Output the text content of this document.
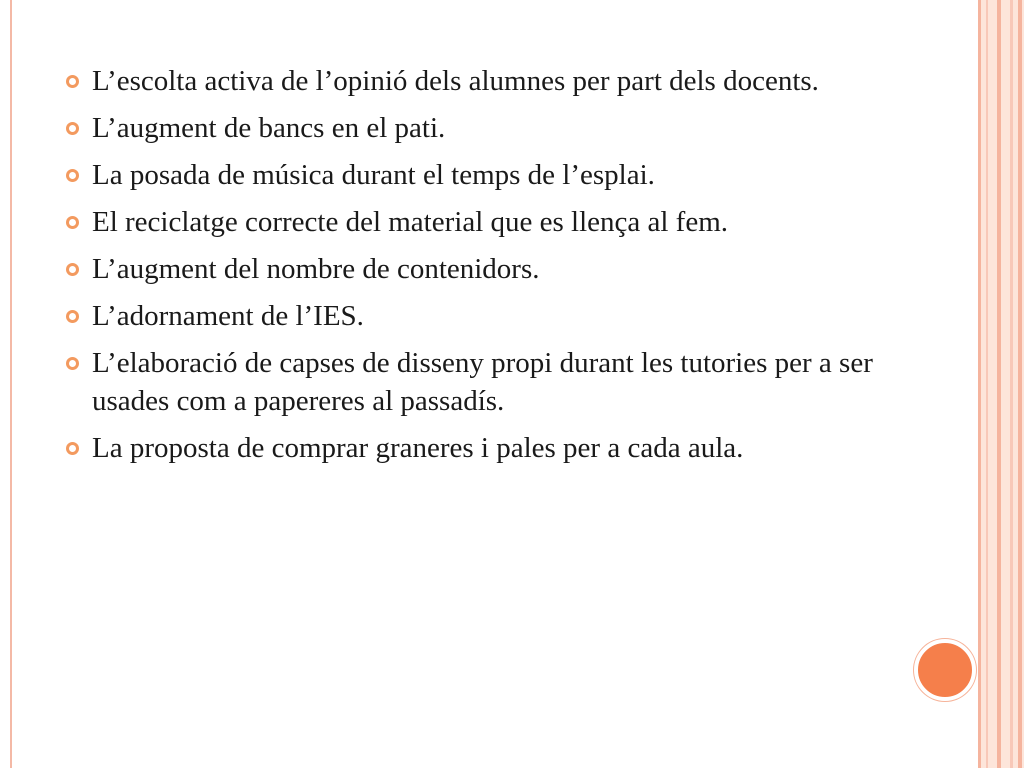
L’escolta activa de l’opinió dels alumnes per part dels docents.
L’augment de bancs en el pati.
La posada de música durant el temps de l’esplai.
El reciclatge correcte del material que es llença al fem.
L’augment del nombre de contenidors.
L’adornament de l’IES.
L’elaboració de capses de disseny propi durant les tutories per a ser usades com a papereres al passadís.
La proposta de comprar graneres i pales per a cada aula.
